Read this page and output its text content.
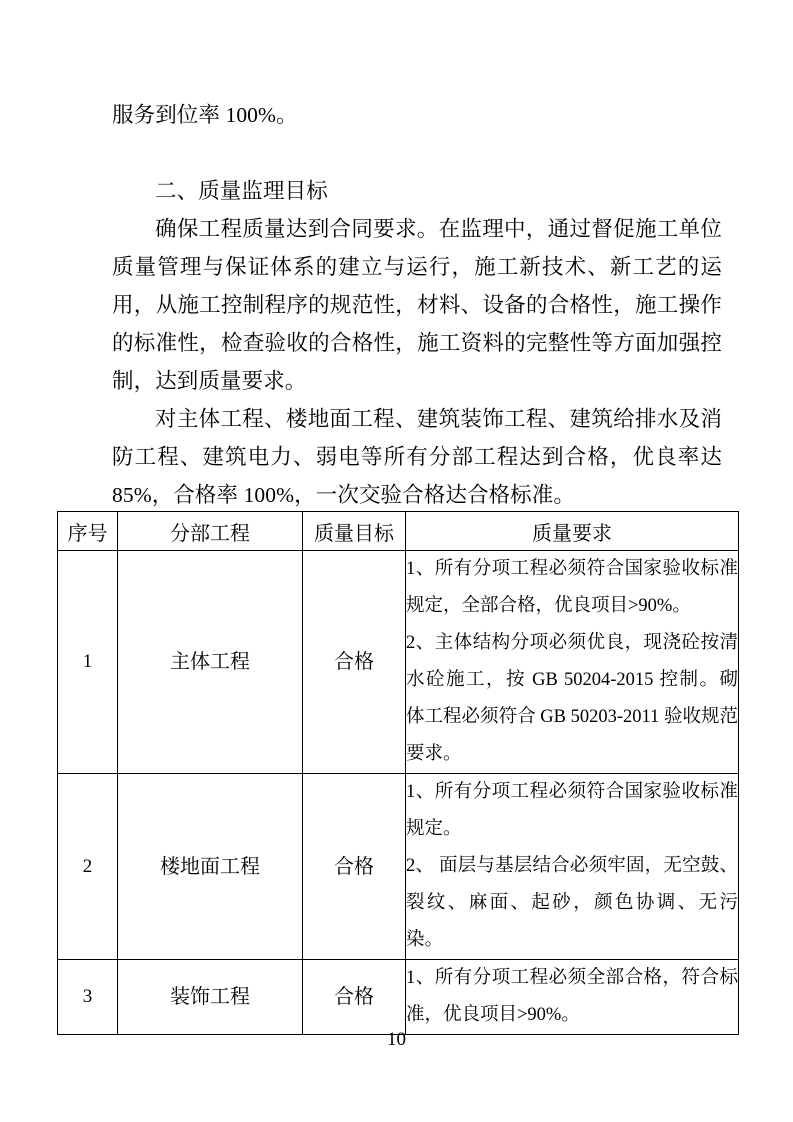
服务到位率 100%。

二、质量监理目标

确保工程质量达到合同要求。在监理中，通过督促施工单位质量管理与保证体系的建立与运行，施工新技术、新工艺的运用，从施工控制程序的规范性，材料、设备的合格性，施工操作的标准性，检查验收的合格性，施工资料的完整性等方面加强控制，达到质量要求。

对主体工程、楼地面工程、建筑装饰工程、建筑给排水及消防工程、建筑电力、弱电等所有分部工程达到合格，优良率达 85%，合格率 100%，一次交验合格达合格标准。

序号	分部工程	质量目标	质量要求
1	主体工程	合格	1、所有分项工程必须符合国家验收标准规定，全部合格，优良项目>90%。

2、主体结构分项必须优良，现浇砼按清水砼施工，按 GB 50204-2015 控制。砌体工程必须符合 GB 50203-2011 验收规范要求。

2	楼地面工程	合格	1、所有分项工程必须符合国家验收标准规定。

2、 面层与基层结合必须牢固，无空鼓、裂纹、麻面、起砂，颜色协调、无污染。

3	装饰工程	合格	1、所有分项工程必须全部合格，符合标准，优良项目>90%。

10
